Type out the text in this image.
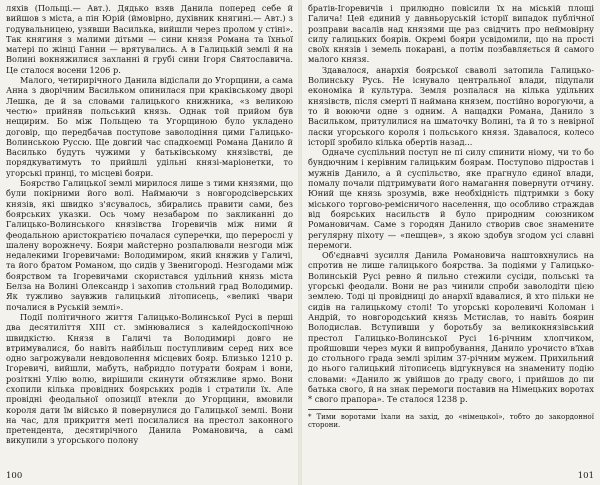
ляхів (Польщі.— Авт.). Дядько взяв Данила поперед себе й вийшов з міста, а пін Юрій (ймовірно, духівник княгині.— Авт.) з годувальницею, узявши Василька, вийшли через пролом у стіні». Так княгиня з малими дітьми — сини князя Романа та їхньої матері по жінці Ганни — врятувались. А в Галицькій землі й на Волині вокняжилися захланні й грубі сини Ігоря Святославича. Це сталося восени 1206 р.

Малого, четирирічного Данила відіслали до Угорщини, а сама Анна з дворічним Васильком опинилася при краківському дворі Лешка, де й за словами галицького книжника, «з великою честю» прийняв польський князь. Однак той прийом був нещирим. Бо між Польщею та Угорщиною було укладено договір, що передбачав поступове заволодіння цими Галицько-Волинською Руссю. Ще довгий час спадкоємці Романа Данило й Василько будуть чужими у батьківському князівстві, де порядкуватимуть то прийшлі удільні князі-маріонетки, то угорські принці, то місцеві бояри.

Боярство Галицької землі мирилося лише з тими князями, що були покірними його волі. Наймаючи з новгородсіверських князів, які швидко з'ясувалось, збирались правити сами, без боярських указки. Ось чому незабаром по закликанні до Галицько-Волинського князівства Ігоревичів між ними й феодальною аристократією почалася суперечки, що перерослі у шалену ворожнечу. Бояри майстерно розпалювали незгоди між недалекими Ігоревичами: Володимиром, який княжив у Галичі, та його братом Романом, що сидів у Звенигороді. Незгодами між боярством та Ігоревичами скористався удільний князь міста Белза на Волині Олександр і захопив стольний град Володимир. Як тужливо заувжив галицький літописець, «великі чвари почалися в Руській землі».

Події політичного життя Галицько-Волинської Русі в перші два десятиліття XIII ст. змінювалися з калейдоскопічною швидкістю. Князя в Галичі та Володимирі довго не втримувалися, бо навіть найбільш поступливим серед них все одно загрожували невдоволення місцевих бояр. Близько 1210 р. Ігоревичі, вийшли, мабуть, набридло потурати боярам і вони, розіткні Улію волю, вирішили скинути обтяжливе ярмо. Вони схопили кілька провідних боярських родів і стратили їх. Але провідні феодальної опозиції втекли до Угорщини, вмовили короля дати їм військо й повернулися до Галицької землі. Вони на час, для прикриття меті посилалися на престол законного претендента, десятирічного Данила Романовича, а самі викупили з угорського полону

100

братів-Ігоревичів і прилюдно повісили їх на міській площі Галича! Цей єдиний у давньоруській історії випадок публічної розправи васалів над князями ще раз свідчить про неймовірну силу галицьких боярів. Окремі бояри усвідомили, що на прості своїх князів і земель покарані, а потім позбавляється й самого малого князя.

Здавалося, анархія боярської сваволі затопила Галицько-Волинську Русь. Не існувало центральної влади, підупали економіка й культура. Земля розпалася на кілька удільних князівств, після смерті її наймана князем, постійно ворогуючи, а то й воюючи одне з одним. А нащадки Романа, Данило з Васильком, притулилися на шматочку Волині, та й то з невірної ласки угорського короля і польського князя. Здавалося, колесо історії зробило кілька обертів назад...

Одначе суспільний поступ не пі силу спинити ніому, чи то бо бундючним і керівним галицьким боярам. Поступово підростав і мужнів Данило, а й суспільство, яке прагнуло єдиної влади, помалу почали підтримувати його намагання повернути отчину. Юний ще князь зрозумів, вже необхідність підтримки з боку міського торгово-ремісничого населення, що особливо страждав від боярських насильств й було природним союзником Романовичам. Саме з городян Данило створив своє знамените регулярну піхоту — «пешцев», з якою здобув згодом усі славні перемоги.

Об'єднавчі зусилля Данила Романовича наштовхнулись на спротив не лише галицького боярства. За подіями у Галицько-Волинській Русі ревно й пильно стежили сусіди, польські та угорські феодали. Вони не раз чинили спроби заволодіти цією землею. Тоді ці провідниці до анархії вдавалися, й хто пільки не сидів на галицькому столі! То угорські королевичі Коломан і Андрій, то новгородський князь Мстислав, то навіть боярин Володислав. Вступивши у боротьбу за великокнязівський престол Галицько-Волинської Русі 16-річним хлопчиком, пройшовши через муки й випробування, Данило урочисто в'їхав до стольного града землі зрілим 37-річним мужем. Прихильний до нього галицький літописець відгукнувся на знамениту подію словами: «Данило ж увійшов до граду свого, і прийшов до пи батька свого, й на знак перемоги поставив на Німецьких воротах * свого прапора». Те сталося 1238 р.

* Тими воротами їхали на захід, до «німецької», тобто до закордонної сторони.

101
